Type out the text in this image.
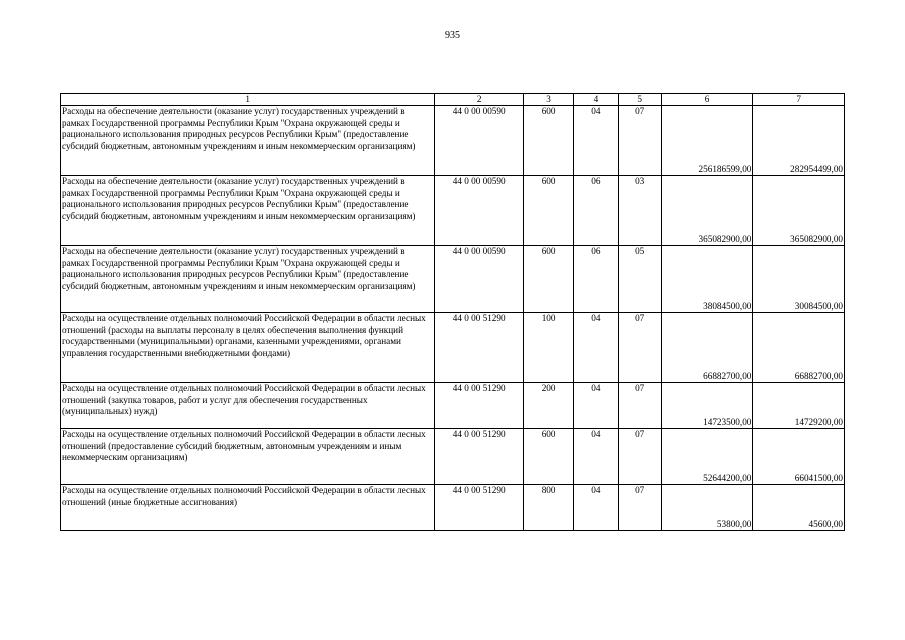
935
1	2	3	4	5	6	7
Расходы на обеспечение деятельности (оказание услуг) государственных учреждений в рамках Государственной программы Республики Крым "Охрана окружающей среды и рационального использования природных ресурсов Республики Крым" (предоставление субсидий бюджетным, автономным учреждениям и иным некоммерческим организациям)	44 0 00 00590	600	04	07	256186599,00	282954499,00
Расходы на обеспечение деятельности (оказание услуг) государственных учреждений в рамках Государственной программы Республики Крым "Охрана окружающей среды и рационального использования природных ресурсов Республики Крым" (предоставление субсидий бюджетным, автономным учреждениям и иным некоммерческим организациям)	44 0 00 00590	600	06	03	365082900,00	365082900,00
Расходы на обеспечение деятельности (оказание услуг) государственных учреждений в рамках Государственной программы Республики Крым "Охрана окружающей среды и рационального использования природных ресурсов Республики Крым" (предоставление субсидий бюджетным, автономным учреждениям и иным некоммерческим организациям)	44 0 00 00590	600	06	05	38084500,00	30084500,00
Расходы на осуществление отдельных полномочий Российской Федерации в области лесных отношений (расходы на выплаты персоналу в целях обеспечения выполнения функций государственными (муниципальными) органами, казенными учреждениями, органами управления государственными внебюджетными фондами)	44 0 00 51290	100	04	07	66882700,00	66882700,00
Расходы на осуществление отдельных полномочий Российской Федерации в области лесных отношений (закупка товаров, работ и услуг для обеспечения государственных (муниципальных) нужд)	44 0 00 51290	200	04	07	14723500,00	14729200,00
Расходы на осуществление отдельных полномочий Российской Федерации в области лесных отношений (предоставление субсидий бюджетным, автономным учреждениям и иным некоммерческим организациям)	44 0 00 51290	600	04	07	52644200,00	66041500,00
Расходы на осуществление отдельных полномочий Российской Федерации в области лесных отношений (иные бюджетные ассигнования)	44 0 00 51290	800	04	07	53800,00	45600,00
